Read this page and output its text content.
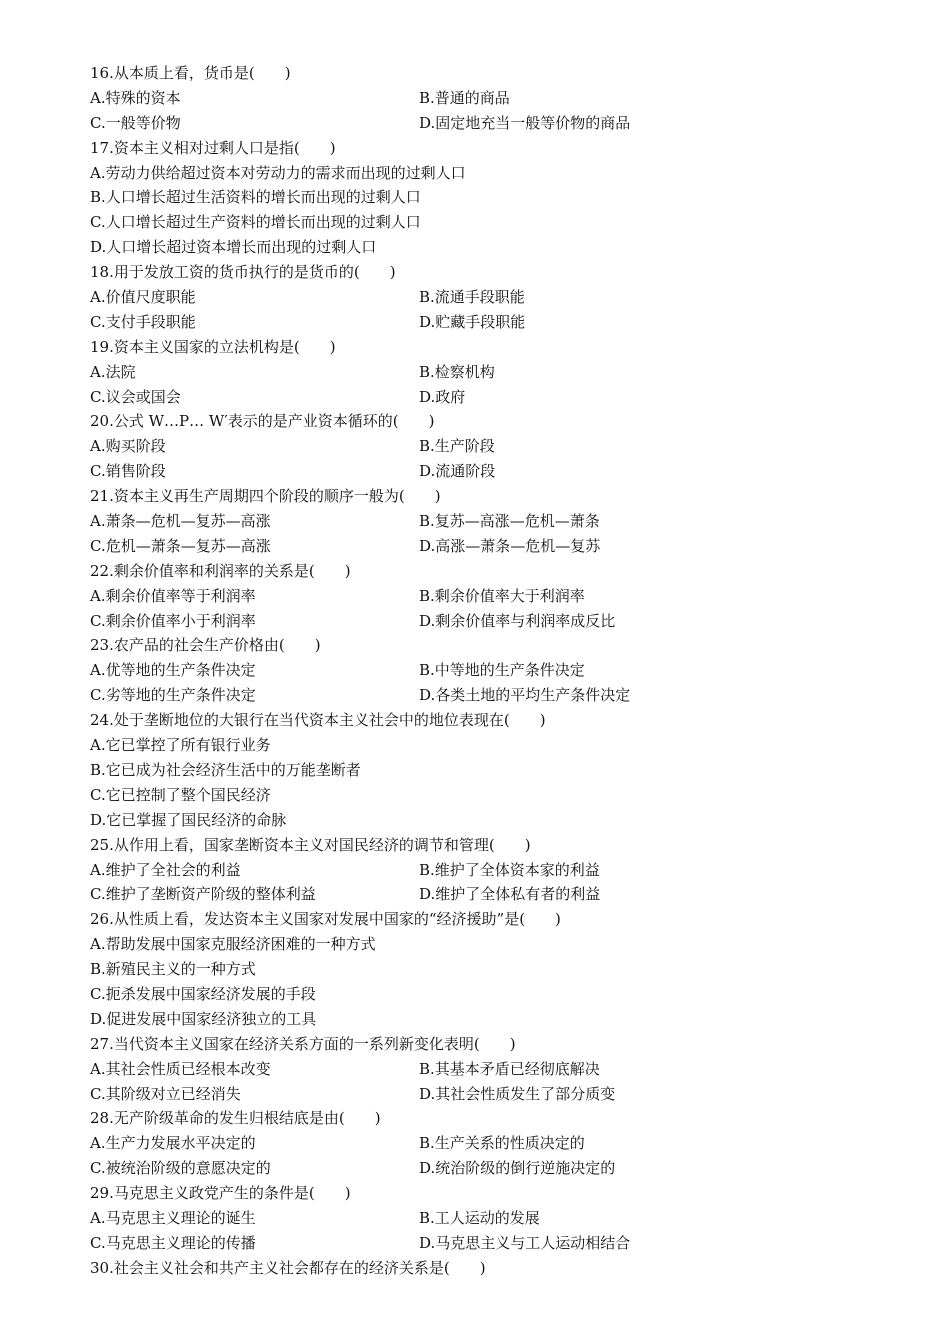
16.从本质上看，货币是(　　)
A.特殊的资本	B.普通的商品
C.一般等价物	D.固定地充当一般等价物的商品
17.资本主义相对过剩人口是指(　　)
A.劳动力供给超过资本对劳动力的需求而出现的过剩人口
B.人口增长超过生活资料的增长而出现的过剩人口
C.人口增长超过生产资料的增长而出现的过剩人口
D.人口增长超过资本增长而出现的过剩人口
18.用于发放工资的货币执行的是货币的(　　)
A.价值尺度职能	B.流通手段职能
C.支付手段职能	D.贮藏手段职能
19.资本主义国家的立法机构是(　　)
A.法院	B.检察机构
C.议会或国会	D.政府
20.公式 W…P… W′表示的是产业资本循环的(　　)
A.购买阶段	B.生产阶段
C.销售阶段	D.流通阶段
21.资本主义再生产周期四个阶段的顺序一般为(　　)
A.萧条—危机—复苏—高涨	B.复苏—高涨—危机—萧条
C.危机—萧条—复苏—高涨	D.高涨—萧条—危机—复苏
22.剩余价值率和利润率的关系是(　　)
A.剩余价值率等于利润率	B.剩余价值率大于利润率
C.剩余价值率小于利润率	D.剩余价值率与利润率成反比
23.农产品的社会生产价格由(　　)
A.优等地的生产条件决定	B.中等地的生产条件决定
C.劣等地的生产条件决定	D.各类土地的平均生产条件决定
24.处于垄断地位的大银行在当代资本主义社会中的地位表现在(　　)
A.它已掌控了所有银行业务
B.它已成为社会经济生活中的万能垄断者
C.它已控制了整个国民经济
D.它已掌握了国民经济的命脉
25.从作用上看，国家垄断资本主义对国民经济的调节和管理(　　)
A.维护了全社会的利益	B.维护了全体资本家的利益
C.维护了垄断资产阶级的整体利益	D.维护了全体私有者的利益
26.从性质上看，发达资本主义国家对发展中国家的“经济援助”是(　　)
A.帮助发展中国家克服经济困难的一种方式
B.新殖民主义的一种方式
C.扼杀发展中国家经济发展的手段
D.促进发展中国家经济独立的工具
27.当代资本主义国家在经济关系方面的一系列新变化表明(　　)
A.其社会性质已经根本改变	B.其基本矛盾已经彻底解决
C.其阶级对立已经消失	D.其社会性质发生了部分质变
28.无产阶级革命的发生归根结底是由(　　)
A.生产力发展水平决定的	B.生产关系的性质决定的
C.被统治阶级的意愿决定的	D.统治阶级的倒行逆施决定的
29.马克思主义政党产生的条件是(　　)
A.马克思主义理论的诞生	B.工人运动的发展
C.马克思主义理论的传播	D.马克思主义与工人运动相结合
30.社会主义社会和共产主义社会都存在的经济关系是(　　)
